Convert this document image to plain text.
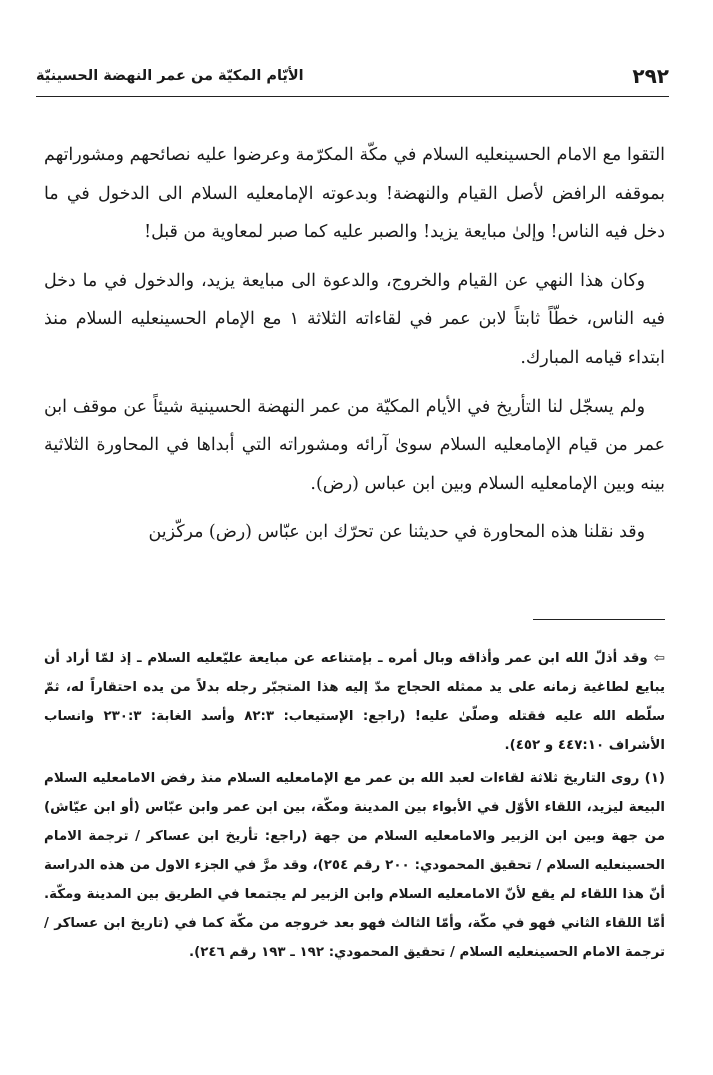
٢٩٢
الأيّام المكيّة من عمر النهضة الحسينيّة

التقوا مع الامام الحسينعليه السلام في مكّة المكرّمة وعرضوا عليه نصائحهم ومشوراتهم بموقفه الرافض لأصل القيام والنهضة! وبدعوته الإمامعليه السلام الى الدخول في ما دخل فيه الناس! وإلىٰ مبايعة يزيد! والصبر عليه كما صبر لمعاوية من قبل!

وكان هذا النهي عن القيام والخروج، والدعوة الى مبايعة يزيد، والدخول في ما دخل فيه الناس، خطّاً ثابتاً لابن عمر في لقاءاته الثلاثة ١ مع الإمام الحسينعليه السلام منذ ابتداء قيامه المبارك.

ولم يسجّل لنا التأريخ في الأيام المكيّة من عمر النهضة الحسينية شيئاً عن موقف ابن عمر من قيام الإمامعليه السلام سوىٰ آرائه ومشوراته التي أبداها في المحاورة الثلاثية بينه وبين الإمامعليه السلام وبين ابن عباس (رض).

وقد نقلنا هذه المحاورة في حديثنا عن تحرّك ابن عبّاس (رض) مركّزين

⇦وقد أذلّ الله ابن عمر وأذاقه وبال أمره ـ بإمتناعه عن مبايعة عليّعليه السلام ـ إذ لمّا أراد أن يبايع لطاغية زمانه على يد ممثله الحجاج مدّ إليه هذا المتجبّر رجله بدلاً من يده احتقاراً له، ثمّ سلّطه الله عليه فقتله وصلّىٰ عليه! (راجع: الإستيعاب: ٨٢:٣ وأسد الغابة: ٢٣٠:٣ وانساب الأشراف ٤٤٧:١٠ و ٤٥٢).

(١) روى التاريخ ثلاثة لقاءات لعبد الله بن عمر مع الإمامعليه السلام منذ رفض الامامعليه السلام البيعة ليزيد، اللقاء الأوّل في الأبواء بين المدينة ومكّة، بين ابن عمر وابن عبّاس (أو ابن عيّاش) من جهة وبين ابن الزبير والامامعليه السلام من جهة (راجع: تأريخ ابن عساكر / ترجمة الامام الحسينعليه السلام / تحقيق المحمودي: ٢٠٠ رقم ٢٥٤)، وقد مرَّ في الجزء الاول من هذه الدراسة أنّ هذا اللقاء لم يقع لأنّ الامامعليه السلام وابن الزبير لم يجتمعا في الطريق بين المدينة ومكّة. أمّا اللقاء الثاني فهو في مكّة، وأمّا الثالث فهو بعد خروجه من مكّة كما في (تاريخ ابن عساكر / ترجمة الامام الحسينعليه السلام / تحقيق المحمودي: ١٩٢ ـ ١٩٣ رقم ٢٤٦).
